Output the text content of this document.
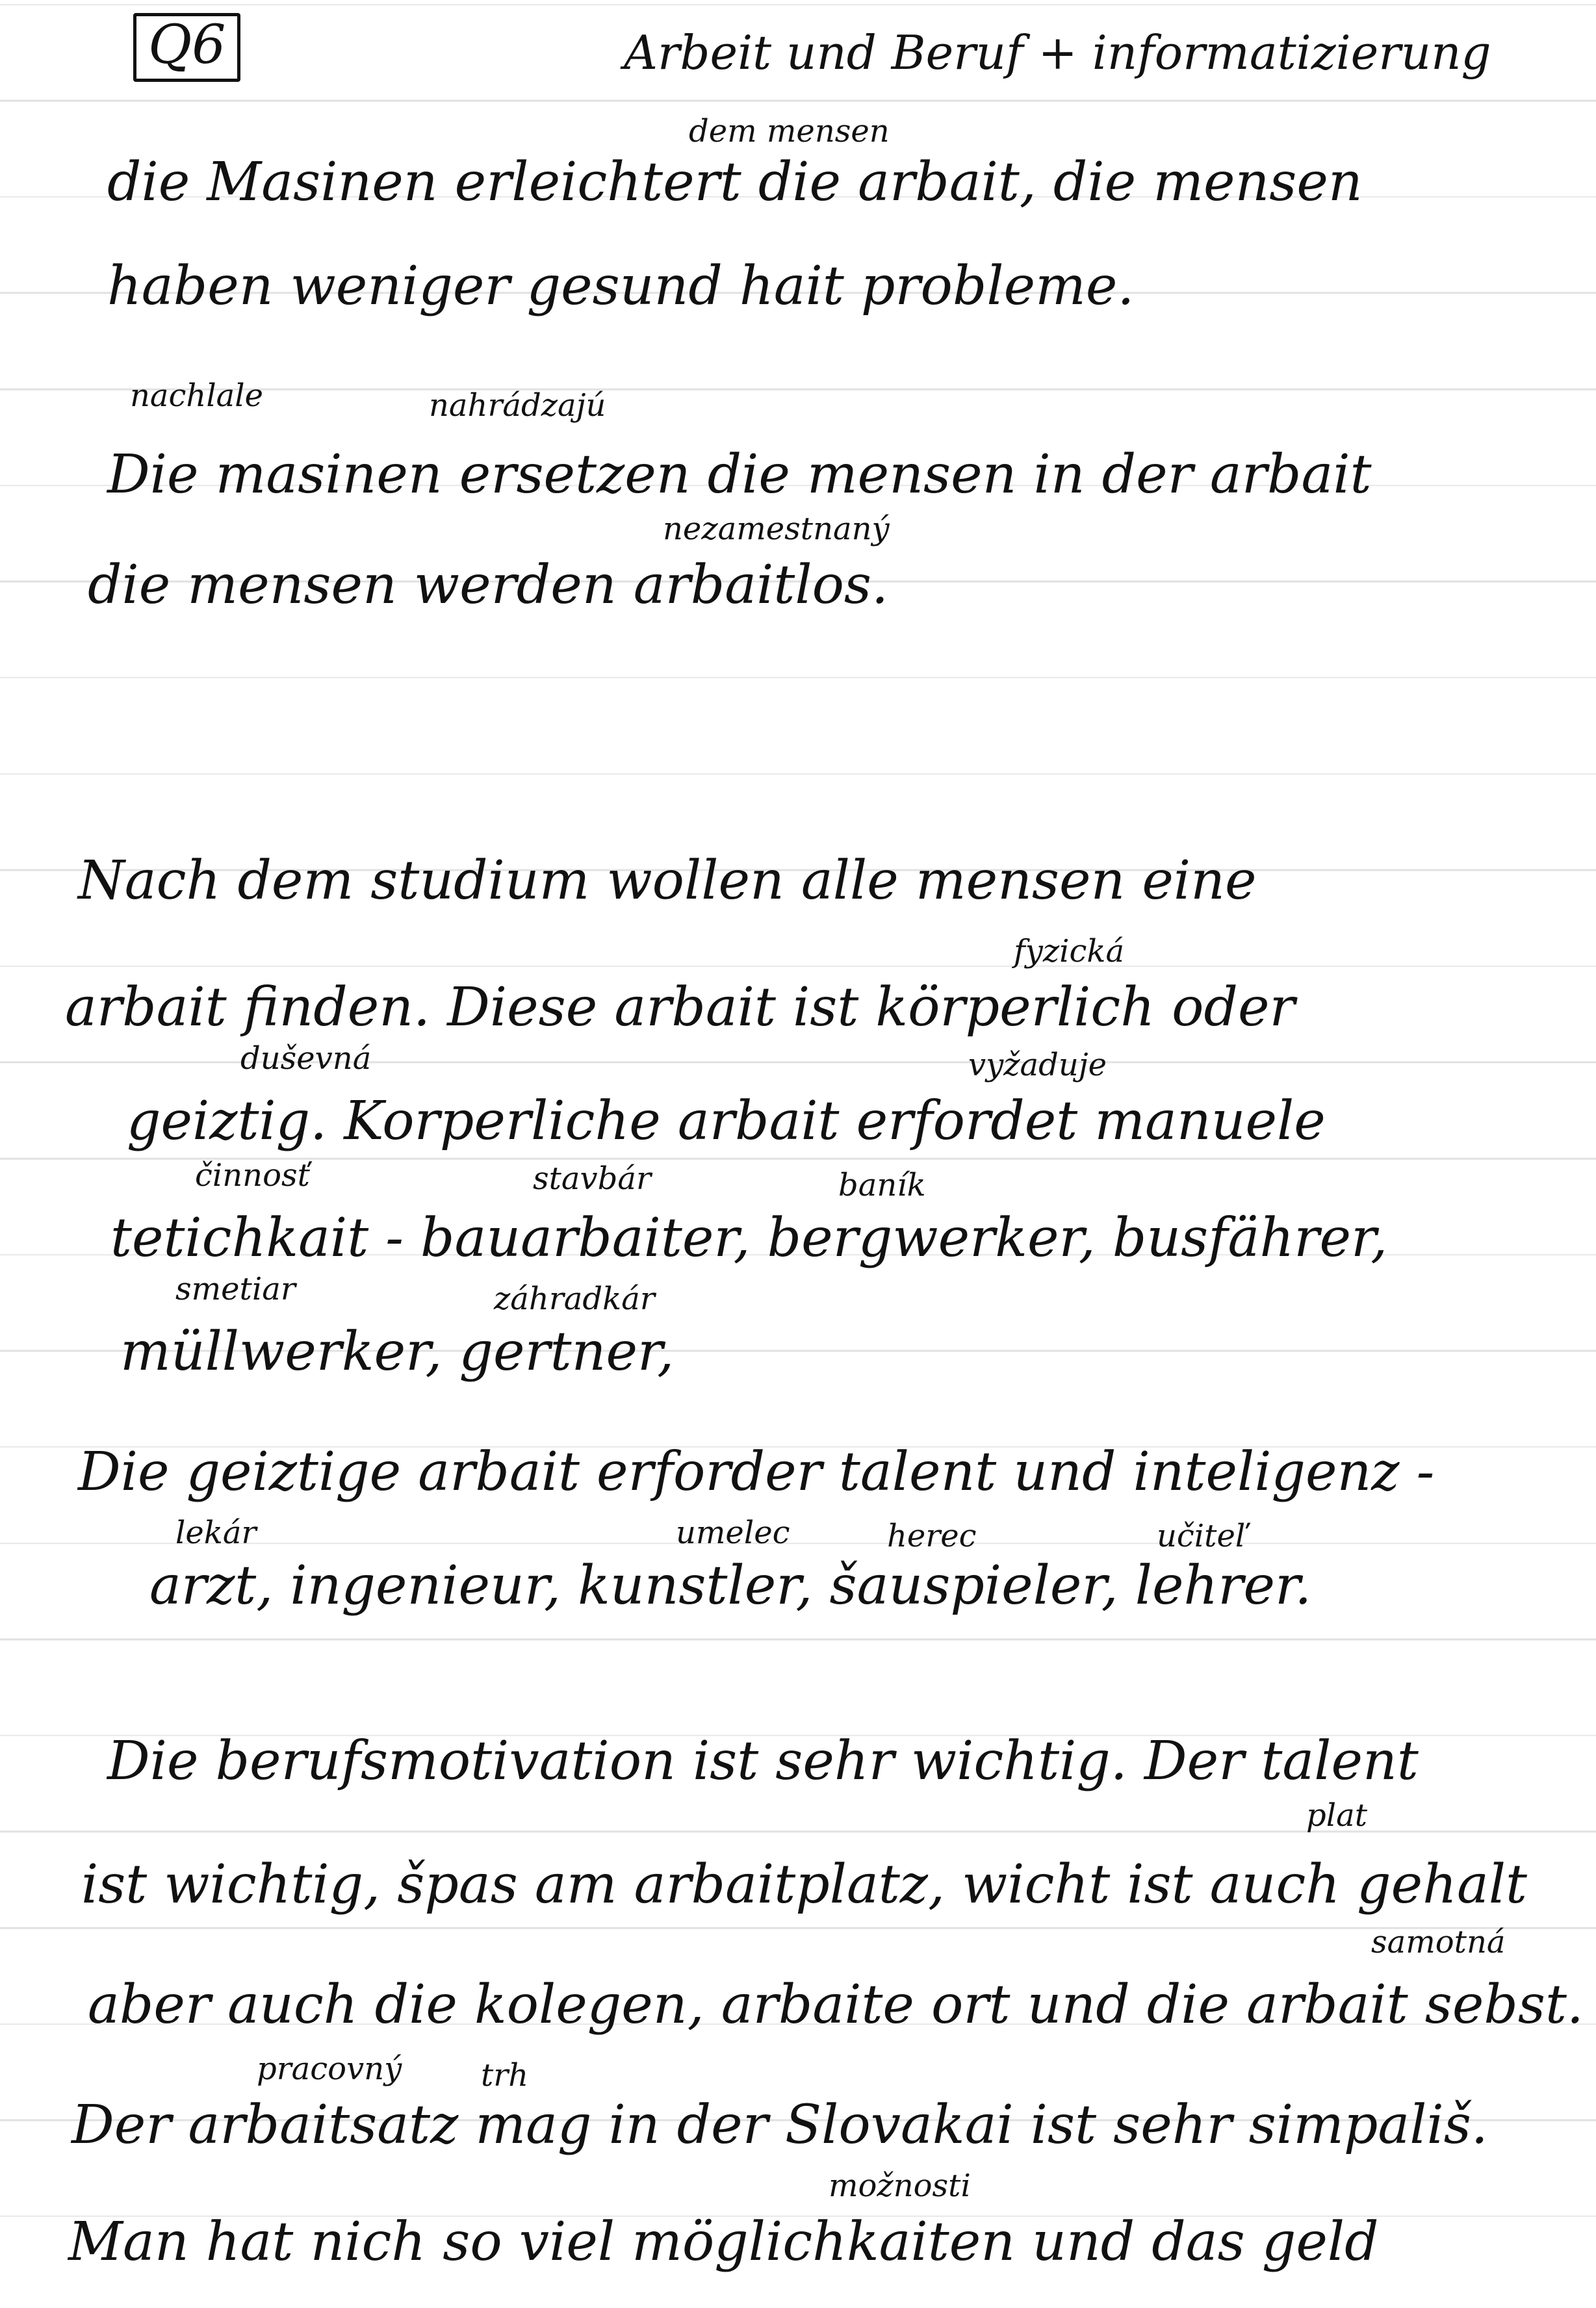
Q6	Arbeit und Beruf + informatizierung
dem mensen
die Masinen erleichtert die arbait, die mensen
haben weniger gesund hait probleme.
nachlale	nahrádzajú
Die masinen ersetzen die mensen in der arbait
nezamestnaný
die mensen werden arbaitlos.
Nach dem studium wollen alle mensen eine
fyzická
arbait finden. Diese arbait ist körperlich oder
duševná	vyžaduje
geiztig. Korperliche arbait erfordet manuele
činnosť	stavbár	baník
tetichkait - bauarbaiter, bergwerker, busfährer,
smetiar	záhradkár
müllwerker, gertner,
Die geiztige arbait erforder talent und inteligenz -
lekár	umelec	herec	učiteľ
arzt, ingenieur, kunstler, šauspieler, lehrer.
Die berufsmotivation ist sehr wichtig. Der talent
plat
ist wichtig, špas am arbaitplatz, wicht ist auch gehalt
samotná
aber auch die kolegen, arbaite ort und die arbait sebst.
pracovný	trh
Der arbaitsatz mag in der Slovakai ist sehr simpališ.
možnosti
Man hat nich so viel möglichkaiten und das geld
